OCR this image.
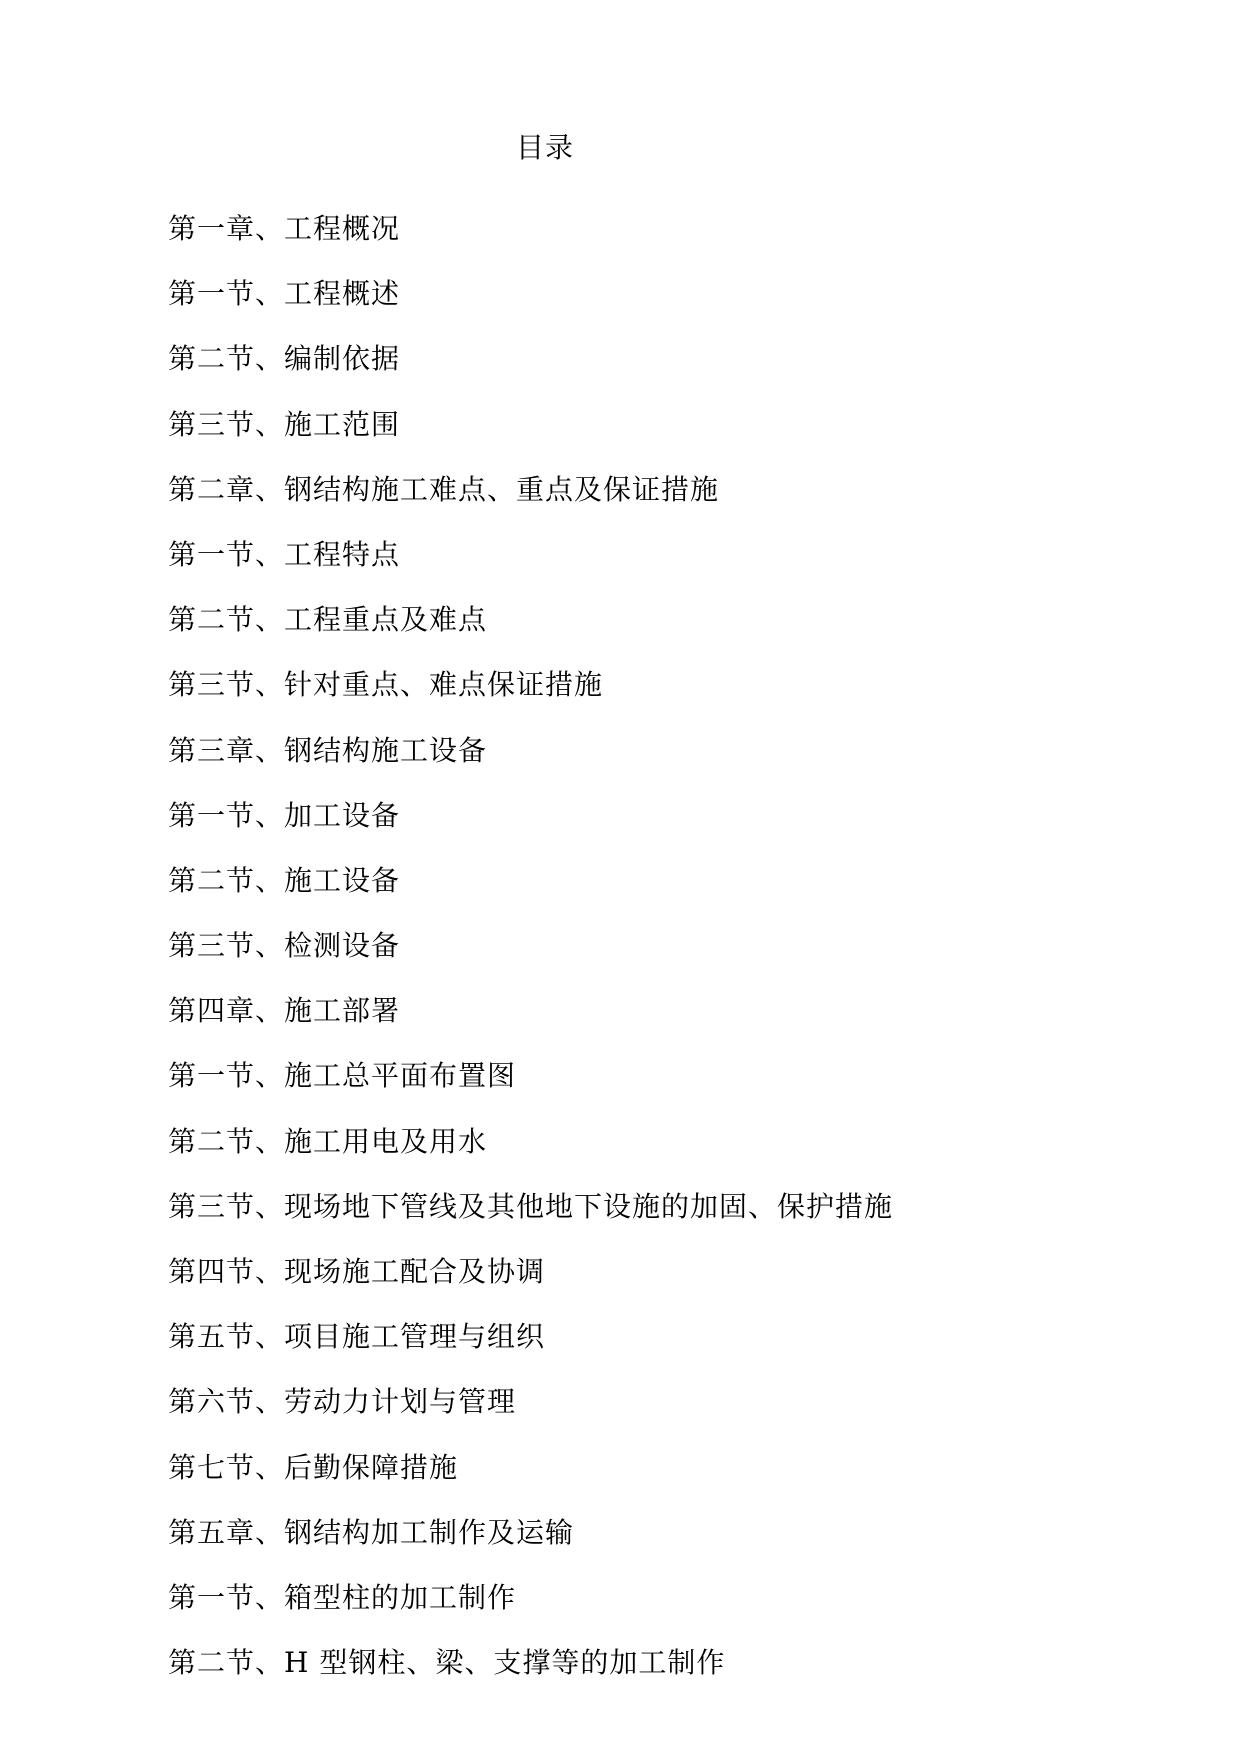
目录
第一章、工程概况
第一节、工程概述
第二节、编制依据
第三节、施工范围
第二章、钢结构施工难点、重点及保证措施
第一节、工程特点
第二节、工程重点及难点
第三节、针对重点、难点保证措施
第三章、钢结构施工设备
第一节、加工设备
第二节、施工设备
第三节、检测设备
第四章、施工部署
第一节、施工总平面布置图
第二节、施工用电及用水
第三节、现场地下管线及其他地下设施的加固、保护措施
第四节、现场施工配合及协调
第五节、项目施工管理与组织
第六节、劳动力计划与管理
第七节、后勤保障措施
第五章、钢结构加工制作及运输
第一节、箱型柱的加工制作
第二节、H 型钢柱、梁、支撑等的加工制作
